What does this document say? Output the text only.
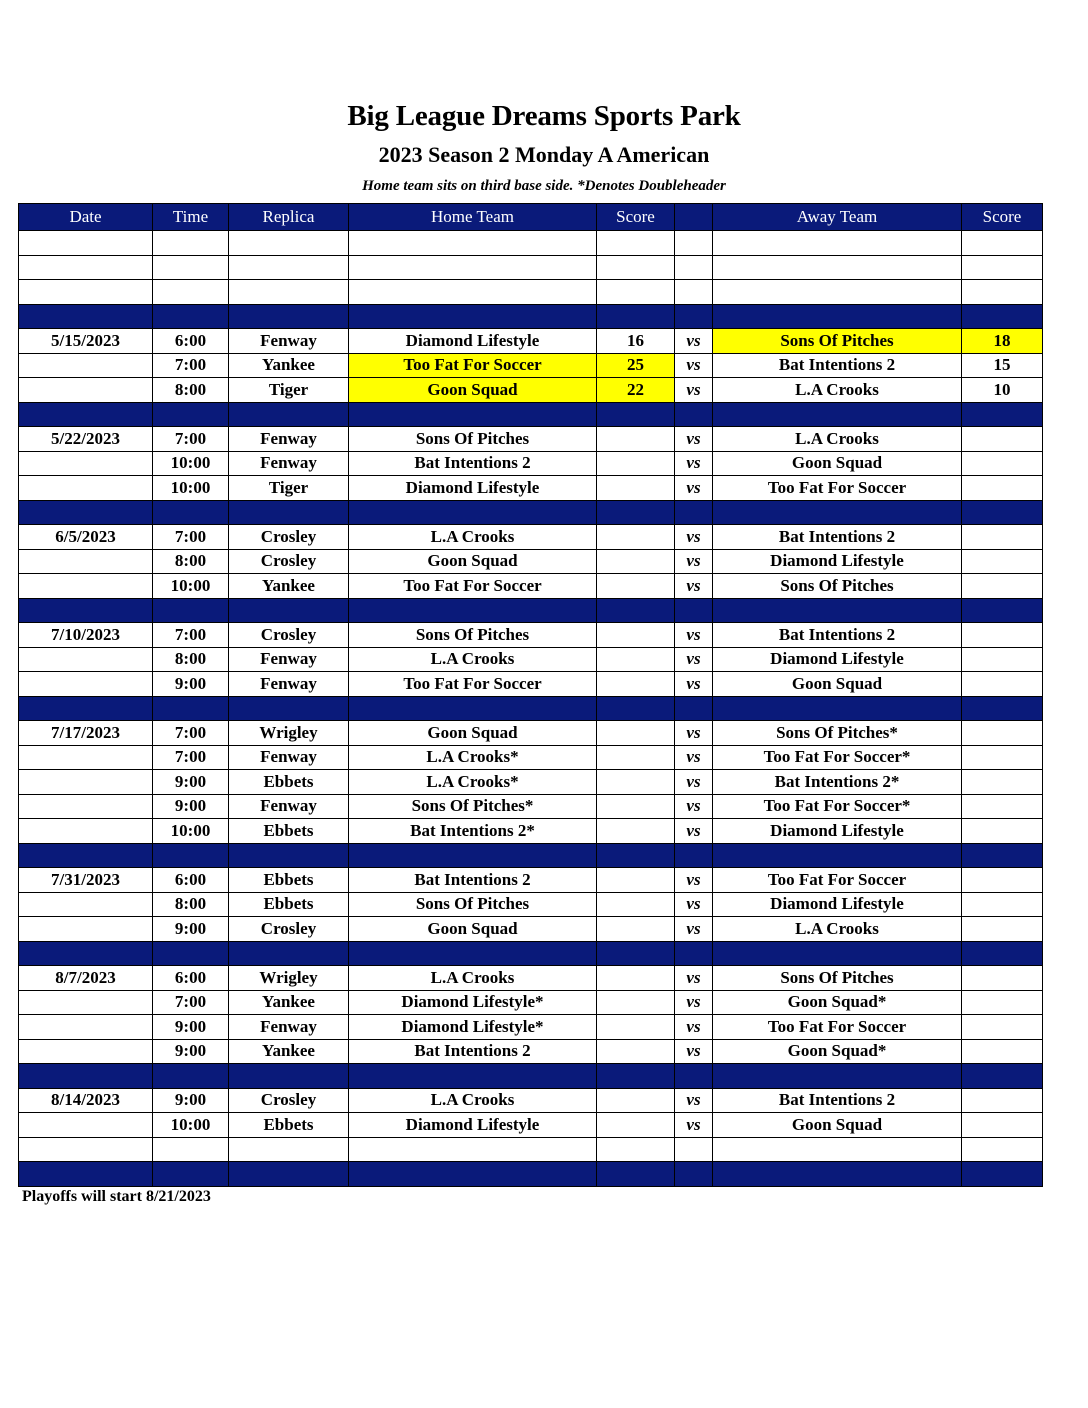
Big League Dreams Sports Park
2023 Season 2 Monday A American
Home team sits on third base side. *Denotes Doubleheader
Date	Time	Replica	Home Team	Score		Away Team	Score

5/15/2023	6:00	Fenway	Diamond Lifestyle	16	vs	Sons Of Pitches	18
	7:00	Yankee	Too Fat For Soccer	25	vs	Bat Intentions 2	15
	8:00	Tiger	Goon Squad	22	vs	L.A Crooks	10

5/22/2023	7:00	Fenway	Sons Of Pitches		vs	L.A Crooks	
	10:00	Fenway	Bat Intentions 2		vs	Goon Squad	
	10:00	Tiger	Diamond Lifestyle		vs	Too Fat For Soccer	

6/5/2023	7:00	Crosley	L.A Crooks		vs	Bat Intentions 2	
	8:00	Crosley	Goon Squad		vs	Diamond Lifestyle	
	10:00	Yankee	Too Fat For Soccer		vs	Sons Of Pitches	

7/10/2023	7:00	Crosley	Sons Of Pitches		vs	Bat Intentions 2	
	8:00	Fenway	L.A Crooks		vs	Diamond Lifestyle	
	9:00	Fenway	Too Fat For Soccer		vs	Goon Squad	

7/17/2023	7:00	Wrigley	Goon Squad		vs	Sons Of Pitches*	
	7:00	Fenway	L.A Crooks*		vs	Too Fat For Soccer*	
	9:00	Ebbets	L.A Crooks*		vs	Bat Intentions 2*	
	9:00	Fenway	Sons Of Pitches*		vs	Too Fat For Soccer*	
	10:00	Ebbets	Bat Intentions 2*		vs	Diamond Lifestyle	

7/31/2023	6:00	Ebbets	Bat Intentions 2		vs	Too Fat For Soccer	
	8:00	Ebbets	Sons Of Pitches		vs	Diamond Lifestyle	
	9:00	Crosley	Goon Squad		vs	L.A Crooks	

8/7/2023	6:00	Wrigley	L.A Crooks		vs	Sons Of Pitches	
	7:00	Yankee	Diamond Lifestyle*		vs	Goon Squad*	
	9:00	Fenway	Diamond Lifestyle*		vs	Too Fat For Soccer	
	9:00	Yankee	Bat Intentions 2		vs	Goon Squad*	

8/14/2023	9:00	Crosley	L.A Crooks		vs	Bat Intentions 2	
	10:00	Ebbets	Diamond Lifestyle		vs	Goon Squad	

Playoffs will start 8/21/2023
